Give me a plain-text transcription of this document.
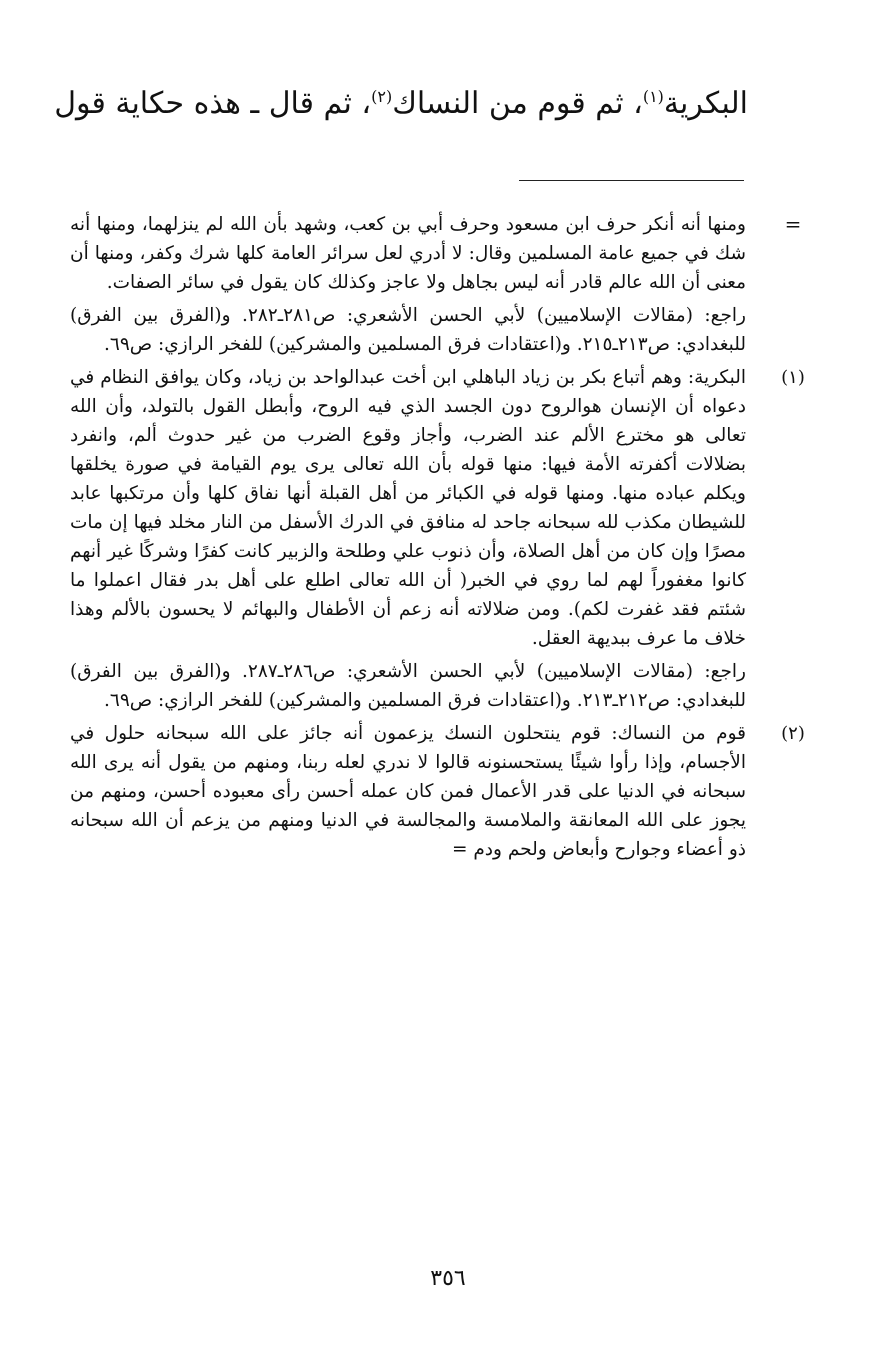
البكرية$^{(١)}$، ثم قوم من النساك$^{(٢)}$، ثم قال ـ هذه حكاية قول
=

ومنها أنه أنكر حرف ابن مسعود وحرف أبي بن كعب، وشهد بأن الله لم ينزلهما، ومنها أنه شك في جميع عامة المسلمين وقال: لا أدري لعل سرائر العامة كلها شرك وكفر، ومنها أن معنى أن الله عالم قادر أنه ليس بجاهل ولا عاجز وكذلك كان يقول في سائر الصفات.

راجع: (مقالات الإسلاميين) لأبي الحسن الأشعري: ص٢٨١ـ٢٨٢. و(الفرق بين الفرق) للبغدادي: ص٢١٣ـ٢١٥. و(اعتقادات فرق المسلمين والمشركين) للفخر الرازي: ص٦٩.

(١)

البكرية: وهم أتباع بكر بن زياد الباهلي ابن أخت عبدالواحد بن زياد، وكان يوافق النظام في دعواه أن الإنسان هوالروح دون الجسد الذي فيه الروح، وأبطل القول بالتولد، وأن الله تعالى هو مخترع الألم عند الضرب، وأجاز وقوع الضرب من غير حدوث ألم، وانفرد بضلالات أكفرته الأمة فيها: منها قوله بأن الله تعالى يرى يوم القيامة في صورة يخلقها ويكلم عباده منها. ومنها قوله في الكبائر من أهل القبلة أنها نفاق كلها وأن مرتكبها عابد للشيطان مكذب لله سبحانه جاحد له منافق في الدرك الأسفل من النار مخلد فيها إن مات مصرًا وإن كان من أهل الصلاة، وأن ذنوب علي وطلحة والزبير كانت كفرًا وشركًا غير أنهم كانوا مغفوراً لهم لما روي في الخبر( أن الله تعالى اطلع على أهل بدر فقال اعملوا ما شئتم فقد غفرت لكم). ومن ضلالاته أنه زعم أن الأطفال والبهائم لا يحسون بالألم وهذا خلاف ما عرف ببديهة العقل.

راجع: (مقالات الإسلاميين) لأبي الحسن الأشعري: ص٢٨٦ـ٢٨٧. و(الفرق بين الفرق) للبغدادي: ص٢١٢ـ٢١٣. و(اعتقادات فرق المسلمين والمشركين) للفخر الرازي: ص٦٩.

(٢)

قوم من النساك: قوم ينتحلون النسك يزعمون أنه جائز على الله سبحانه حلول في الأجسام، وإذا رأوا شيئًا يستحسنونه قالوا لا ندري لعله ربنا، ومنهم من يقول أنه يرى الله سبحانه في الدنيا على قدر الأعمال فمن كان عمله أحسن رأى معبوده أحسن، ومنهم من يجوز على الله المعانقة والملامسة والمجالسة في الدنيا ومنهم من يزعم أن الله سبحانه ذو أعضاء وجوارح وأبعاض ولحم ودم =

٣٥٦
